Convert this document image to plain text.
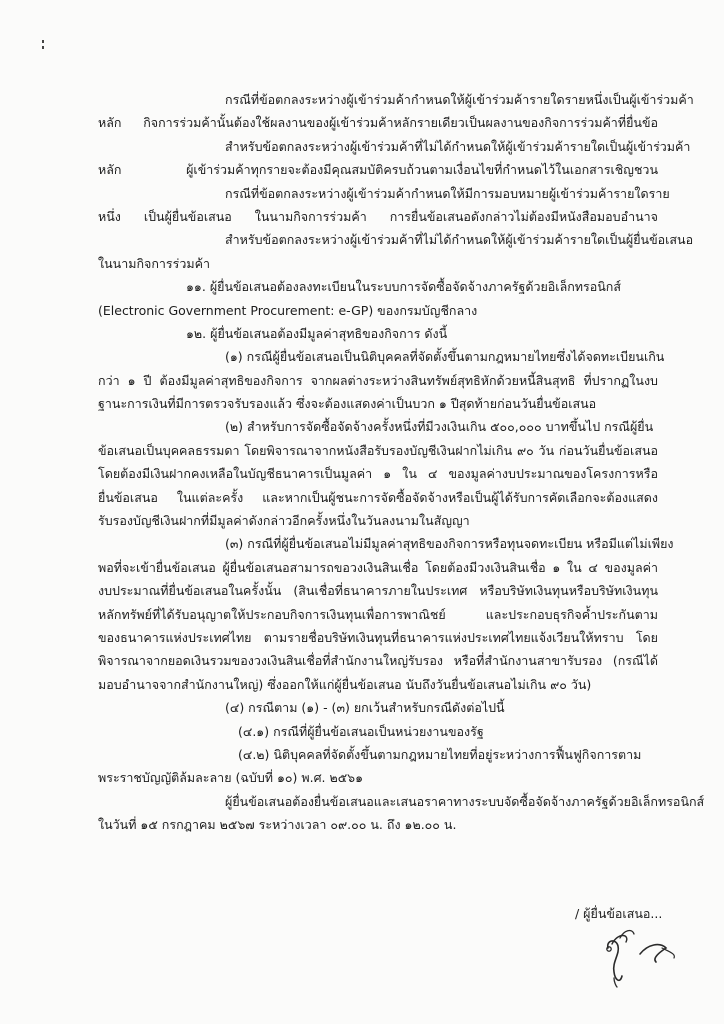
กรณีที่ข้อตกลงระหว่างผู้เข้าร่วมค้ากำหนดให้ผู้เข้าร่วมค้ารายใดรายหนึ่งเป็นผู้เข้าร่วมค้า
หลัก กิจการร่วมค้านั้นต้องใช้ผลงานของผู้เข้าร่วมค้าหลักรายเดียวเป็นผลงานของกิจการร่วมค้าที่ยื่นข้อ
สำหรับข้อตกลงระหว่างผู้เข้าร่วมค้าที่ไม่ได้กำหนดให้ผู้เข้าร่วมค้ารายใดเป็นผู้เข้าร่วมค้า
หลัก ผู้เข้าร่วมค้าทุกรายจะต้องมีคุณสมบัติครบถ้วนตามเงื่อนไขที่กำหนดไว้ในเอกสารเชิญชวน
กรณีที่ข้อตกลงระหว่างผู้เข้าร่วมค้ากำหนดให้มีการมอบหมายผู้เข้าร่วมค้ารายใดราย
หนึ่ง เป็นผู้ยื่นข้อเสนอ ในนามกิจการร่วมค้า การยื่นข้อเสนอดังกล่าวไม่ต้องมีหนังสือมอบอำนาจ
สำหรับข้อตกลงระหว่างผู้เข้าร่วมค้าที่ไม่ได้กำหนดให้ผู้เข้าร่วมค้ารายใดเป็นผู้ยื่นข้อเสนอ
ในนามกิจการร่วมค้า
๑๑. ผู้ยื่นข้อเสนอต้องลงทะเบียนในระบบการจัดซื้อจัดจ้างภาครัฐด้วยอิเล็กทรอนิกส์
(Electronic Government Procurement: e-GP) ของกรมบัญชีกลาง
๑๒. ผู้ยื่นข้อเสนอต้องมีมูลค่าสุทธิของกิจการ ดังนี้
(๑) กรณีผู้ยื่นข้อเสนอเป็นนิติบุคคลที่จัดตั้งขึ้นตามกฎหมายไทยซึ่งได้จดทะเบียนเกิน
กว่า ๑ ปี ต้องมีมูลค่าสุทธิของกิจการ จากผลต่างระหว่างสินทรัพย์สุทธิหักด้วยหนี้สินสุทธิ ที่ปรากฏในงบ
ฐานะการเงินที่มีการตรวจรับรองแล้ว ซึ่งจะต้องแสดงค่าเป็นบวก ๑ ปีสุดท้ายก่อนวันยื่นข้อเสนอ
(๒) สำหรับการจัดซื้อจัดจ้างครั้งหนึ่งที่มีวงเงินเกิน ๕๐๐,๐๐๐ บาทขึ้นไป กรณีผู้ยื่น
ข้อเสนอเป็นบุคคลธรรมดา โดยพิจารณาจากหนังสือรับรองบัญชีเงินฝากไม่เกิน ๙๐ วัน ก่อนวันยื่นข้อเสนอ
โดยต้องมีเงินฝากคงเหลือในบัญชีธนาคารเป็นมูลค่า ๑ ใน ๔ ของมูลค่างบประมาณของโครงการหรือ
ยื่นข้อเสนอ ในแต่ละครั้ง และหากเป็นผู้ชนะการจัดซื้อจัดจ้างหรือเป็นผู้ได้รับการคัดเลือกจะต้องแสดง
รับรองบัญชีเงินฝากที่มีมูลค่าดังกล่าวอีกครั้งหนึ่งในวันลงนามในสัญญา
(๓) กรณีที่ผู้ยื่นข้อเสนอไม่มีมูลค่าสุทธิของกิจการหรือทุนจดทะเบียน หรือมีแต่ไม่เพียง
พอที่จะเข้ายื่นข้อเสนอ ผู้ยื่นข้อเสนอสามารถขอวงเงินสินเชื่อ โดยต้องมีวงเงินสินเชื่อ ๑ ใน ๔ ของมูลค่า
งบประมาณที่ยื่นข้อเสนอในครั้งนั้น (สินเชื่อที่ธนาคารภายในประเทศ หรือบริษัทเงินทุนหรือบริษัทเงินทุน
หลักทรัพย์ที่ได้รับอนุญาตให้ประกอบกิจการเงินทุนเพื่อการพาณิชย์ และประกอบธุรกิจค้ำประกันตาม
ของธนาคารแห่งประเทศไทย ตามรายชื่อบริษัทเงินทุนที่ธนาคารแห่งประเทศไทยแจ้งเวียนให้ทราบ โดย
พิจารณาจากยอดเงินรวมของวงเงินสินเชื่อที่สำนักงานใหญ่รับรอง หรือที่สำนักงานสาขารับรอง (กรณีได้
มอบอำนาจจากสำนักงานใหญ่) ซึ่งออกให้แก่ผู้ยื่นข้อเสนอ นับถึงวันยื่นข้อเสนอไม่เกิน ๙๐ วัน)
(๔) กรณีตาม (๑) - (๓) ยกเว้นสำหรับกรณีดังต่อไปนี้
(๔.๑) กรณีที่ผู้ยื่นข้อเสนอเป็นหน่วยงานของรัฐ
(๔.๒) นิติบุคคลที่จัดตั้งขึ้นตามกฎหมายไทยที่อยู่ระหว่างการฟื้นฟูกิจการตาม
พระราชบัญญัติล้มละลาย (ฉบับที่ ๑๐) พ.ศ. ๒๕๖๑
ผู้ยื่นข้อเสนอต้องยื่นข้อเสนอและเสนอราคาทางระบบจัดซื้อจัดจ้างภาครัฐด้วยอิเล็กทรอนิกส์
ในวันที่ ๑๕ กรกฎาคม ๒๕๖๗ ระหว่างเวลา ๐๙.๐๐ น. ถึง ๑๒.๐๐ น.
/ ผู้ยื่นข้อเสนอ...
